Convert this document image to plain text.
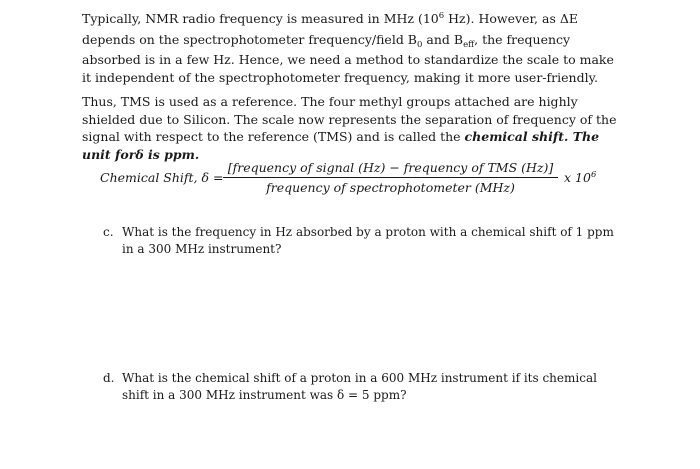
Typically, NMR radio frequency is measured in MHz ($10^6$ Hz). However, as ΔE depends on the spectrophotometer frequency/field $B_0$ and $B_{eff}$, the frequency absorbed is in a few Hz. Hence, we need a method to standardize the scale to make it independent of the spectrophotometer frequency, making it more user-friendly.

Thus, TMS is used as a reference. The four methyl groups attached are highly shielded due to Silicon. The scale now represents the separation of frequency of the signal with respect to the reference (TMS) and is called the chemical shift. The unit forδ is ppm.

Chemical Shift, δ =
[frequency of signal (Hz) − frequency of TMS (Hz)]
frequency of spectrophotometer (MHz)
x $10^6$
c. What is the frequency in Hz absorbed by a proton with a chemical shift of 1 ppm in a 300 MHz instrument?
d. What is the chemical shift of a proton in a 600 MHz instrument if its chemical shift in a 300 MHz instrument was δ = 5 ppm?
